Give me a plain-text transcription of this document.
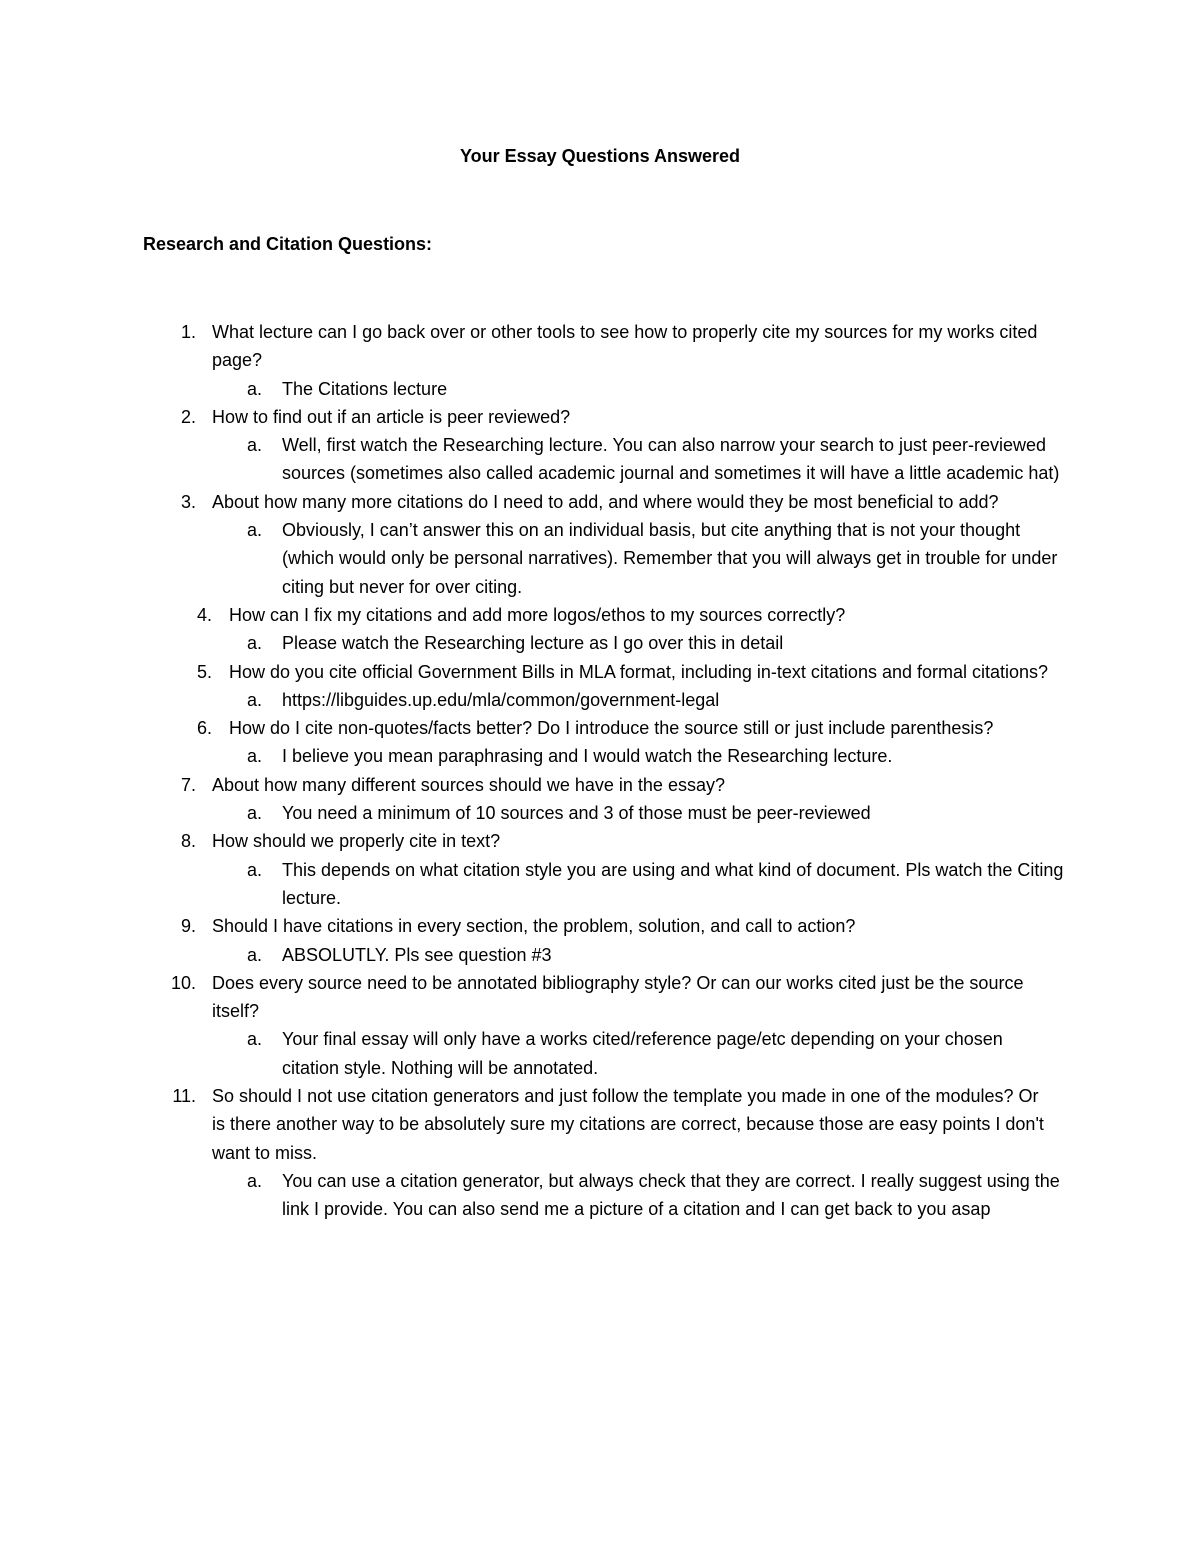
Your Essay Questions Answered
Research and Citation Questions:
1. What lecture can I go back over or other tools to see how to properly cite my sources for my works cited page?

a. The Citations lecture

2. How to find out if an article is peer reviewed?

a. Well, first watch the Researching lecture. You can also narrow your search to just peer-reviewed sources (sometimes also called academic journal and sometimes it will have a little academic hat)

3. About how many more citations do I need to add, and where would they be most beneficial to add?

a. Obviously, I can’t answer this on an individual basis, but cite anything that is not your thought (which would only be personal narratives). Remember that you will always get in trouble for under citing but never for over citing.

4. How can I fix my citations and add more logos/ethos to my sources correctly?

a. Please watch the Researching lecture as I go over this in detail

5. How do you cite official Government Bills in MLA format, including in-text citations and formal citations?

a. https://libguides.up.edu/mla/common/government-legal

6. How do I cite non-quotes/facts better? Do I introduce the source still or just include parenthesis?

a. I believe you mean paraphrasing and I would watch the Researching lecture.

7. About how many different sources should we have in the essay?

a. You need a minimum of 10 sources and 3 of those must be peer-reviewed

8. How should we properly cite in text?

a. This depends on what citation style you are using and what kind of document. Pls watch the Citing lecture.

9. Should I have citations in every section, the problem, solution, and call to action?

a. ABSOLUTLY. Pls see question #3

10. Does every source need to be annotated bibliography style? Or can our works cited just be the source itself?

a. Your final essay will only have a works cited/reference page/etc depending on your chosen citation style. Nothing will be annotated.

11. So should I not use citation generators and just follow the template you made in one of the modules? Or is there another way to be absolutely sure my citations are correct, because those are easy points I don't want to miss.

a. You can use a citation generator, but always check that they are correct. I really suggest using the link I provide. You can also send me a picture of a citation and I can get back to you asap
